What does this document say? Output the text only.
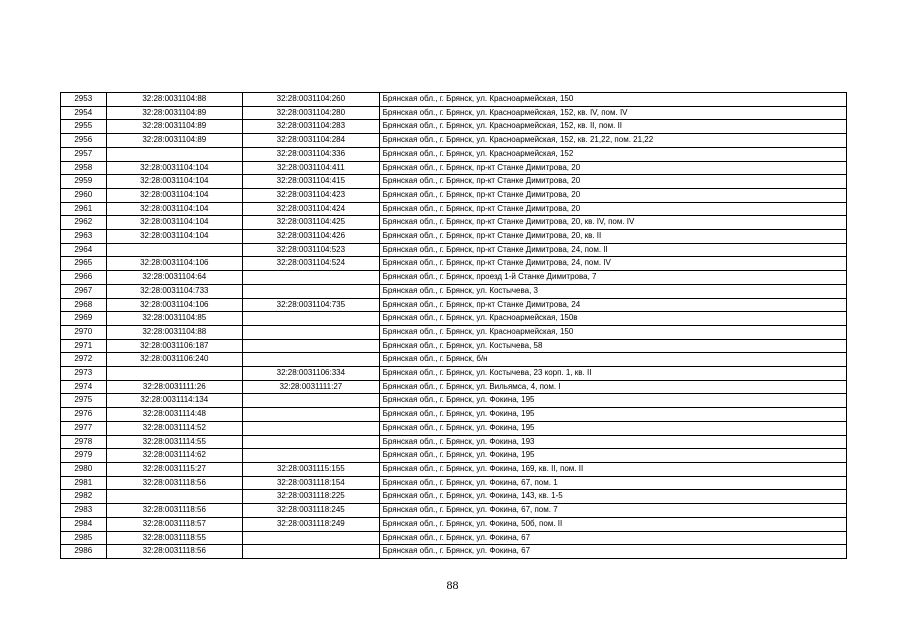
2953	32:28:0031104:88	32:28:0031104:260	Брянская обл., г. Брянск, ул. Красноармейская, 150
2954	32:28:0031104:89	32:28:0031104:280	Брянская обл., г. Брянск, ул. Красноармейская, 152, кв. IV, пом. IV
2955	32:28:0031104:89	32:28:0031104:283	Брянская обл., г. Брянск, ул. Красноармейская, 152, кв. II, пом. II
2956	32:28:0031104:89	32:28:0031104:284	Брянская обл., г. Брянск, ул. Красноармейская, 152, кв. 21,22, пом. 21,22
2957		32:28:0031104:336	Брянская обл., г. Брянск, ул. Красноармейская, 152
2958	32:28:0031104:104	32:28:0031104:411	Брянская обл., г. Брянск, пр-кт Станке Димитрова, 20
2959	32:28:0031104:104	32:28:0031104:415	Брянская обл., г. Брянск, пр-кт Станке Димитрова, 20
2960	32:28:0031104:104	32:28:0031104:423	Брянская обл., г. Брянск, пр-кт Станке Димитрова, 20
2961	32:28:0031104:104	32:28:0031104:424	Брянская обл., г. Брянск, пр-кт Станке Димитрова, 20
2962	32:28:0031104:104	32:28:0031104:425	Брянская обл., г. Брянск, пр-кт Станке Димитрова, 20, кв. IV, пом. IV
2963	32:28:0031104:104	32:28:0031104:426	Брянская обл., г. Брянск, пр-кт Станке Димитрова, 20, кв. II
2964		32:28:0031104:523	Брянская обл., г. Брянск, пр-кт Станке Димитрова, 24, пом. II
2965	32:28:0031104:106	32:28:0031104:524	Брянская обл., г. Брянск, пр-кт Станке Димитрова, 24, пом. IV
2966	32:28:0031104:64		Брянская обл., г. Брянск, проезд 1-й Станке Димитрова, 7
2967	32:28:0031104:733		Брянская обл., г. Брянск, ул. Костычева, 3
2968	32:28:0031104:106	32:28:0031104:735	Брянская обл., г. Брянск, пр-кт Станке Димитрова, 24
2969	32:28:0031104:85		Брянская обл., г. Брянск, ул. Красноармейская, 150в
2970	32:28:0031104:88		Брянская обл., г. Брянск, ул. Красноармейская, 150
2971	32:28:0031106:187		Брянская обл., г. Брянск, ул. Костычева, 58
2972	32:28:0031106:240		Брянская обл., г. Брянск, б/н
2973		32:28:0031106:334	Брянская обл., г. Брянск, ул. Костычева, 23 корп. 1, кв. II
2974	32:28:0031111:26	32:28:0031111:27	Брянская обл., г. Брянск, ул. Вильямса, 4, пом. I
2975	32:28:0031114:134		Брянская обл., г. Брянск, ул. Фокина, 195
2976	32:28:0031114:48		Брянская обл., г. Брянск, ул. Фокина, 195
2977	32:28:0031114:52		Брянская обл., г. Брянск, ул. Фокина, 195
2978	32:28:0031114:55		Брянская обл., г. Брянск, ул. Фокина, 193
2979	32:28:0031114:62		Брянская обл., г. Брянск, ул. Фокина, 195
2980	32:28:0031115:27	32:28:0031115:155	Брянская обл., г. Брянск, ул. Фокина, 169, кв. II, пом. II
2981	32:28:0031118:56	32:28:0031118:154	Брянская обл., г. Брянск, ул. Фокина, 67, пом. 1
2982		32:28:0031118:225	Брянская обл., г. Брянск, ул. Фокина, 143, кв. 1-5
2983	32:28:0031118:56	32:28:0031118:245	Брянская обл., г. Брянск, ул. Фокина, 67, пом. 7
2984	32:28:0031118:57	32:28:0031118:249	Брянская обл., г. Брянск, ул. Фокина, 50б, пом. II
2985	32:28:0031118:55		Брянская обл., г. Брянск, ул. Фокина, 67
2986	32:28:0031118:56		Брянская обл., г. Брянск, ул. Фокина, 67
88
